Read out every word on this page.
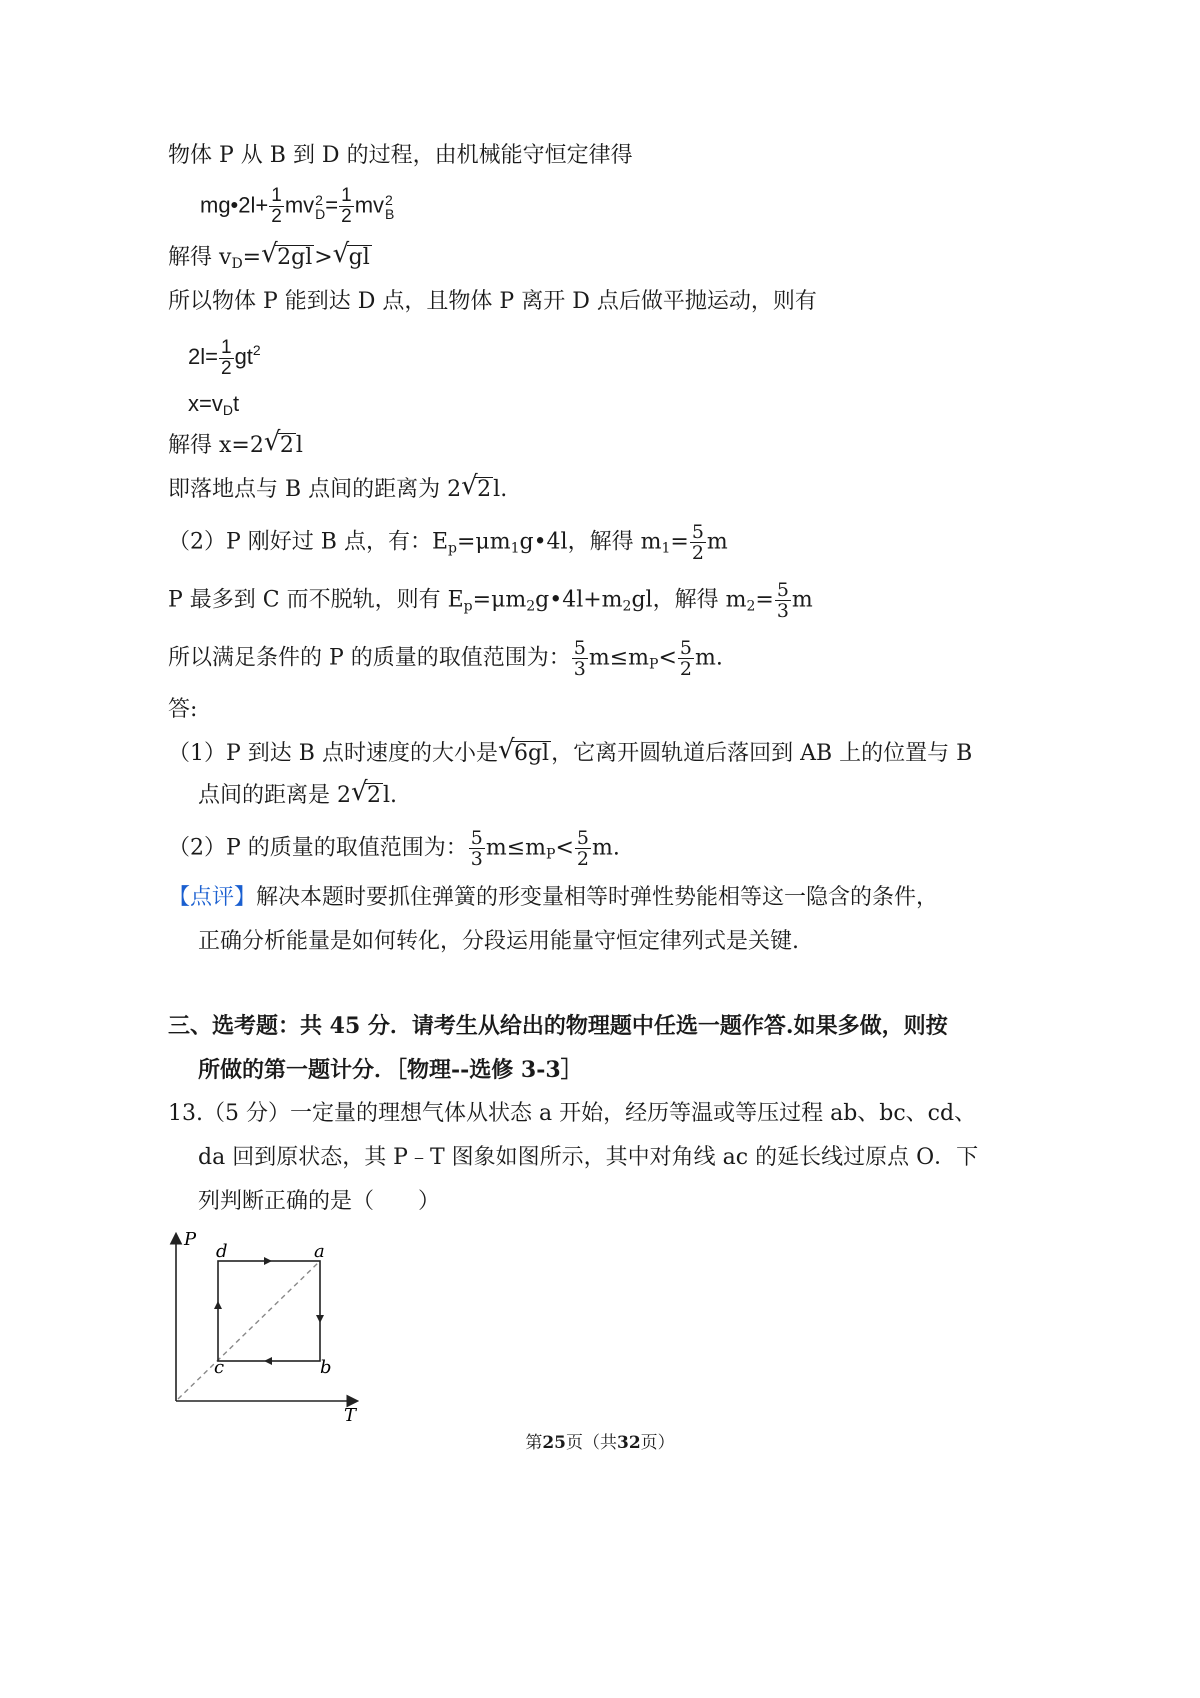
物体 P 从 B 到 D 的过程，由机械能守恒定律得
mg•2l+ $\frac{1}{2}$ mv 2
$D = \frac{1}{2}$ mv 2
B
解得 $v_D=√$ 2gl>√ gl
所以物体 P 能到达 D 点，且物体 P 离开 D 点后做平抛运动，则有
$2l= \frac{1}{2} gt^2$
$x=v_Dt$
解得 x=2√ 2l
即落地点与 B 点间的距离为 2√ 2l.
（2）P 刚好过 B 点，有：$E_p=\mu m_1g•4l$，解得 $m_1= \frac{5}{2}$ m
P 最多到 C 而不脱轨，则有 $E_p=\mu m_2g•4l+m_2gl$，解得 $m_2= \frac{5}{3}$ m
所以满足条件的 P 的质量的取值范围为： $\frac{5}{3} m\le m_P< \frac{5}{2} m$.
答:
（1）P 到达 B 点时速度的大小是√ 6gl，它离开圆轨道后落回到 AB 上的位置与 B
点间的距离是 2√ 2l.
（2）P 的质量的取值范围为： $\frac{5}{3} m\le m_P< \frac{5}{2} m$.
【点评】解决本题时要抓住弹簧的形变量相等时弹性势能相等这一隐含的条件，
正确分析能量是如何转化，分段运用能量守恒定律列式是关键.
三、选考题：共 45 分．请考生从给出的物理题中任选一题作答.如果多做，则按
所做的第一题计分．［物理--选修 3-3］
13.（5 分）一定量的理想气体从状态 a 开始，经历等温或等压过程 ab、bc、cd、
da 回到原状态，其 P﹣T 图象如图所示，其中对角线 ac 的延长线过原点 O．下
列判断正确的是（　　）
P
T
a
b
c
d
第25页（共32页）
